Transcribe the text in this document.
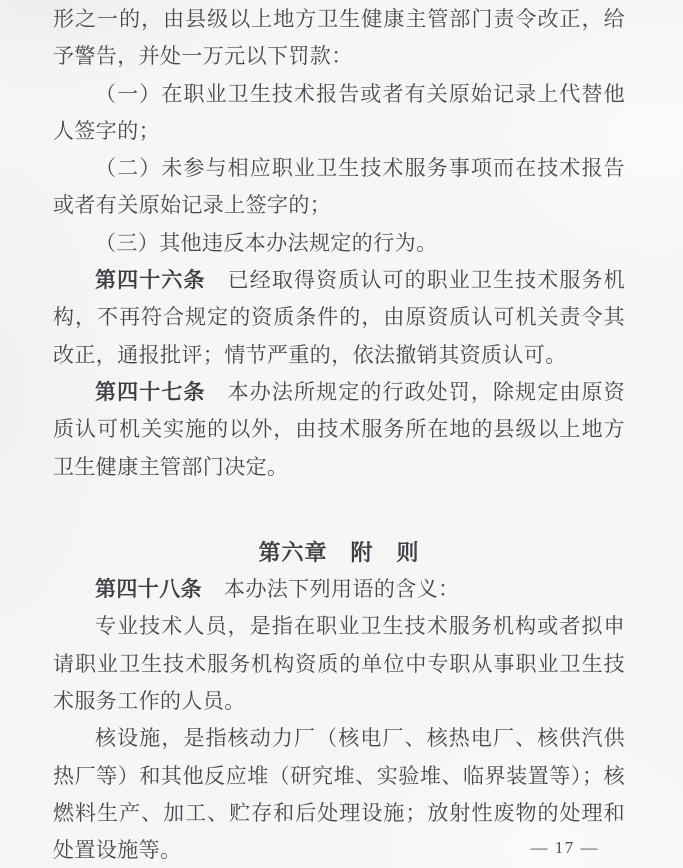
形之一的，由县级以上地方卫生健康主管部门责令改正，给予警告，并处一万元以下罚款：

（一）在职业卫生技术报告或者有关原始记录上代替他人签字的；

（二）未参与相应职业卫生技术服务事项而在技术报告或者有关原始记录上签字的；

（三）其他违反本办法规定的行为。

第四十六条 已经取得资质认可的职业卫生技术服务机构，不再符合规定的资质条件的，由原资质认可机关责令其改正，通报批评；情节严重的，依法撤销其资质认可。

第四十七条 本办法所规定的行政处罚，除规定由原资质认可机关实施的以外，由技术服务所在地的县级以上地方卫生健康主管部门决定。

第六章　附　则

第四十八条 本办法下列用语的含义：

专业技术人员，是指在职业卫生技术服务机构或者拟申请职业卫生技术服务机构资质的单位中专职从事职业卫生技术服务工作的人员。

核设施，是指核动力厂（核电厂、核热电厂、核供汽供热厂等）和其他反应堆（研究堆、实验堆、临界装置等）；核燃料生产、加工、贮存和后处理设施；放射性废物的处理和处置设施等。	— 17 —
